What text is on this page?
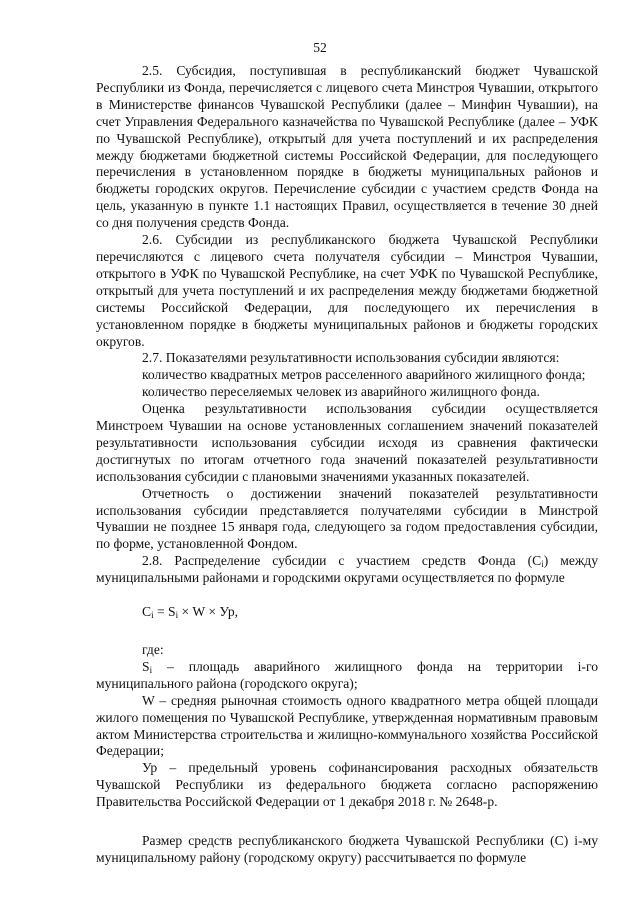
52

2.5. Субсидия, поступившая в республиканский бюджет Чувашской Республики из Фонда, перечисляется с лицевого счета Минстроя Чувашии, открытого в Министерстве финансов Чувашской Республики (далее – Минфин Чувашии), на счет Управления Федерального казначейства по Чувашской Республике (далее – УФК по Чувашской Республике), открытый для учета поступлений и их распределения между бюджетами бюджетной системы Российской Федерации, для последующего перечисления в установленном порядке в бюджеты муниципальных районов и бюджеты городских округов. Перечисление субсидии с участием средств Фонда на цель, указанную в пункте 1.1 настоящих Правил, осуществляется в течение 30 дней со дня получения средств Фонда.

2.6. Субсидии из республиканского бюджета Чувашской Республики перечисляются с лицевого счета получателя субсидии – Минстроя Чувашии, открытого в УФК по Чувашской Республике, на счет УФК по Чувашской Республике, открытый для учета поступлений и их распределения между бюджетами бюджетной системы Российской Федерации, для последующего их перечисления в установленном порядке в бюджеты муниципальных районов и бюджеты городских округов.

2.7. Показателями результативности использования субсидии являются:

количество квадратных метров расселенного аварийного жилищного фонда;

количество переселяемых человек из аварийного жилищного фонда.

Оценка результативности использования субсидии осуществляется Минстроем Чувашии на основе установленных соглашением значений показателей результативности использования субсидии исходя из сравнения фактически достигнутых по итогам отчетного года значений показателей результативности использования субсидии с плановыми значениями указанных показателей.

Отчетность о достижении значений показателей результативности использования субсидии представляется получателями субсидии в Минстрой Чувашии не позднее 15 января года, следующего за годом предоставления субсидии, по форме, установленной Фондом.

2.8. Распределение субсидии с участием средств Фонда $(C_i)$ между муниципальными районами и городскими округами осуществляется по формуле

$C_i = S_i \times W$ × Ур,

где:

$S_i$ – площадь аварийного жилищного фонда на территории i-го муниципального района (городского округа);

W – средняя рыночная стоимость одного квадратного метра общей площади жилого помещения по Чувашской Республике, утвержденная нормативным правовым актом Министерства строительства и жилищно-коммунального хозяйства Российской Федерации;

Ур – предельный уровень софинансирования расходных обязательств Чувашской Республики из федерального бюджета согласно распоряжению Правительства Российской Федерации от 1 декабря 2018 г. № 2648-р.

Размер средств республиканского бюджета Чувашской Республики (C) i-му муниципальному району (городскому округу) рассчитывается по формуле
